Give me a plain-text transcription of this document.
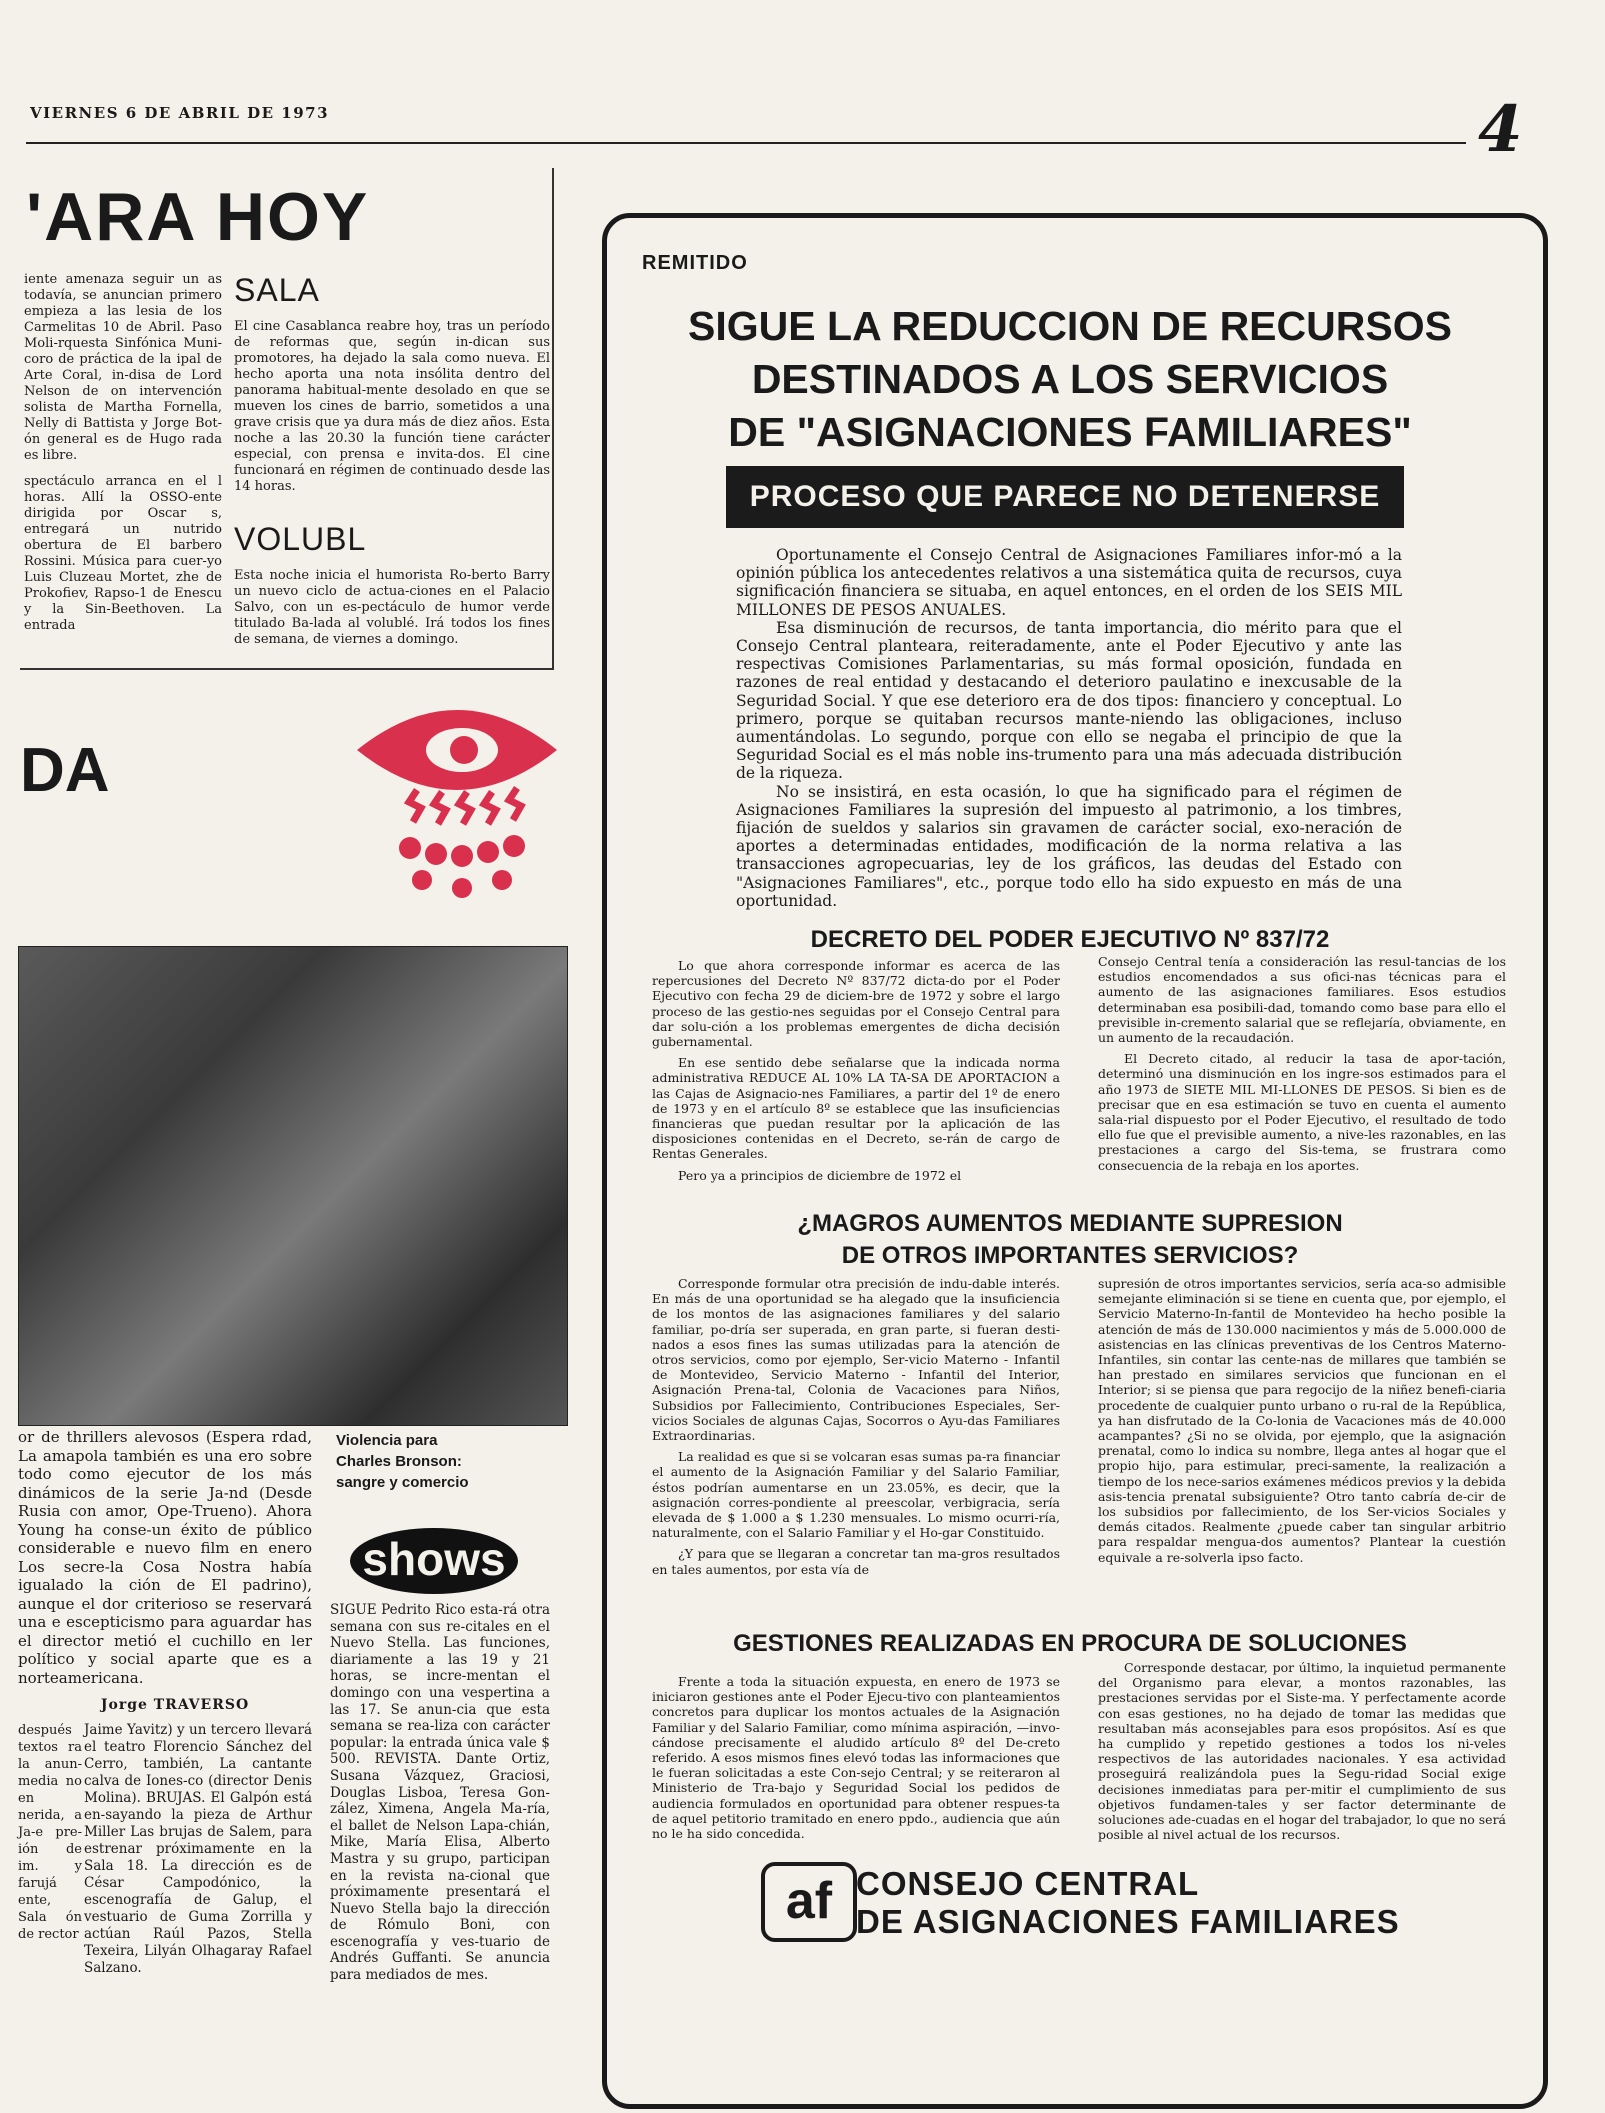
VIERNES 6 DE ABRIL DE 1973	4
'ARA HOY

iente amenaza seguir un as todavía, se anuncian primero empieza a las lesia de los Carmelitas 10 de Abril. Paso Moli-rquesta Sinfónica Muni-coro de práctica de la ipal de Arte Coral, in-disa de Lord Nelson de on intervención solista de Martha Fornella, Nelly di Battista y Jorge Bot-ón general es de Hugo rada es libre.

spectáculo arranca en el l horas. Allí la OSSO-ente dirigida por Oscar s, entregará un nutrido obertura de El barbero Rossini. Música para cuer-yo Luis Cluzeau Mortet, zhe de Prokofiev, Rapso-1 de Enescu y la Sin-Beethoven. La entrada

SALA

El cine Casablanca reabre hoy, tras un período de reformas que, según in-dican sus promotores, ha dejado la sala como nueva. El hecho aporta una nota insólita dentro del panorama habitual-mente desolado en que se mueven los cines de barrio, sometidos a una grave crisis que ya dura más de diez años. Esta noche a las 20.30 la función tiene carácter especial, con prensa e invita-dos. El cine funcionará en régimen de continuado desde las 14 horas.

VOLUBL

Esta noche inicia el humorista Ro-berto Barry un nuevo ciclo de actua-ciones en el Palacio Salvo, con un es-pectáculo de humor verde titulado Ba-lada al volublé. Irá todos los fines de semana, de viernes a domingo.

DA

or de thrillers alevosos (Espera rdad, La amapola también es una ero sobre todo como ejecutor de los más dinámicos de la serie Ja-nd (Desde Rusia con amor, Ope-Trueno). Ahora Young ha conse-un éxito de público considerable e nuevo film en enero Los secre-la Cosa Nostra había igualado la ción de El padrino), aunque el dor criterioso se reservará una e escepticismo para aguardar has el director metió el cuchillo en ler político y social aparte que es a norteamericana.

Violencia para Charles Bronson: sangre y comercio
shows

SIGUE Pedrito Rico esta-rá otra semana con sus re-citales en el Nuevo Stella. Las funciones, diariamente a las 19 y 21 horas, se incre-mentan el domingo con una vespertina a las 17. Se anun-cia que esta semana se rea-liza con carácter popular: la entrada única vale $ 500. REVISTA. Dante Ortiz, Susana Vázquez, Graciosi, Douglas Lisboa, Teresa Gon-zález, Ximena, Angela Ma-ría, el ballet de Nelson Lapa-chián, Mike, María Elisa, Alberto Mastra y su grupo, participan en la revista na-cional que próximamente presentará el Nuevo Stella bajo la dirección de Rómulo Boni, con escenografía y ves-tuario de Andrés Guffanti. Se anuncia para mediados de mes.

Jorge TRAVERSO

después textos ra la anun-media no en nerida, a Ja-e pre-ión de im. y farujá ente, Sala ón de rector

Jaime Yavitz) y un tercero llevará el teatro Florencio Sánchez del Cerro, también, La cantante calva de Iones-co (director Denis Molina). BRUJAS. El Galpón está en-sayando la pieza de Arthur Miller Las brujas de Salem, para estrenar próximamente en la Sala 18. La dirección es de César Campodónico, la escenografía de Galup, el vestuario de Guma Zorrilla y actúan Raúl Pazos, Stella Texeira, Lilyán Olhagaray Rafael Salzano.

REMITIDO
SIGUE LA REDUCCION DE RECURSOS
DESTINADOS A LOS SERVICIOS
DE "ASIGNACIONES FAMILIARES"
PROCESO QUE PARECE NO DETENERSE

Oportunamente el Consejo Central de Asignaciones Familiares infor-mó a la opinión pública los antecedentes relativos a una sistemática quita de recursos, cuya significación financiera se situaba, en aquel entonces, en el orden de los SEIS MIL MILLONES DE PESOS ANUALES.

Esa disminución de recursos, de tanta importancia, dio mérito para que el Consejo Central planteara, reiteradamente, ante el Poder Ejecutivo y ante las respectivas Comisiones Parlamentarias, su más formal oposición, fundada en razones de real entidad y destacando el deterioro paulatino e inexcusable de la Seguridad Social. Y que ese deterioro era de dos tipos: financiero y conceptual. Lo primero, porque se quitaban recursos mante-niendo las obligaciones, incluso aumentándolas. Lo segundo, porque con ello se negaba el principio de que la Seguridad Social es el más noble ins-trumento para una más adecuada distribución de la riqueza.

No se insistirá, en esta ocasión, lo que ha significado para el régimen de Asignaciones Familiares la supresión del impuesto al patrimonio, a los timbres, fijación de sueldos y salarios sin gravamen de carácter social, exo-neración de aportes a determinadas entidades, modificación de la norma relativa a las transacciones agropecuarias, ley de los gráficos, las deudas del Estado con "Asignaciones Familiares", etc., porque todo ello ha sido expuesto en más de una oportunidad.

DECRETO DEL PODER EJECUTIVO Nº 837/72

Lo que ahora corresponde informar es acerca de las repercusiones del Decreto Nº 837/72 dicta-do por el Poder Ejecutivo con fecha 29 de diciem-bre de 1972 y sobre el largo proceso de las gestio-nes seguidas por el Consejo Central para dar solu-ción a los problemas emergentes de dicha decisión gubernamental.

En ese sentido debe señalarse que la indicada norma administrativa REDUCE AL 10% LA TA-SA DE APORTACION a las Cajas de Asignacio-nes Familiares, a partir del 1º de enero de 1973 y en el artículo 8º se establece que las insuficiencias financieras que puedan resultar por la aplicación de las disposiciones contenidas en el Decreto, se-rán de cargo de Rentas Generales.

Pero ya a principios de diciembre de 1972 el

Consejo Central tenía a consideración las resul-tancias de los estudios encomendados a sus ofici-nas técnicas para el aumento de las asignaciones familiares. Esos estudios determinaban esa posibili-dad, tomando como base para ello el previsible in-cremento salarial que se reflejaría, obviamente, en un aumento de la recaudación.

El Decreto citado, al reducir la tasa de apor-tación, determinó una disminución en los ingre-sos estimados para el año 1973 de SIETE MIL MI-LLONES DE PESOS. Si bien es de precisar que en esa estimación se tuvo en cuenta el aumento sala-rial dispuesto por el Poder Ejecutivo, el resultado de todo ello fue que el previsible aumento, a nive-les razonables, en las prestaciones a cargo del Sis-tema, se frustrara como consecuencia de la rebaja en los aportes.

¿MAGROS AUMENTOS MEDIANTE SUPRESION
DE OTROS IMPORTANTES SERVICIOS?

Corresponde formular otra precisión de indu-dable interés. En más de una oportunidad se ha alegado que la insuficiencia de los montos de las asignaciones familiares y del salario familiar, po-dría ser superada, en gran parte, si fueran desti-nados a esos fines las sumas utilizadas para la atención de otros servicios, como por ejemplo, Ser-vicio Materno - Infantil de Montevideo, Servicio Materno - Infantil del Interior, Asignación Prena-tal, Colonia de Vacaciones para Niños, Subsidios por Fallecimiento, Contribuciones Especiales, Ser-vicios Sociales de algunas Cajas, Socorros o Ayu-das Familiares Extraordinarias.

La realidad es que si se volcaran esas sumas pa-ra financiar el aumento de la Asignación Familiar y del Salario Familiar, éstos podrían aumentarse en un 23.05%, es decir, que la asignación corres-pondiente al preescolar, verbigracia, sería elevada de $ 1.000 a $ 1.230 mensuales. Lo mismo ocurri-ría, naturalmente, con el Salario Familiar y el Ho-gar Constituido.

¿Y para que se llegaran a concretar tan ma-gros resultados en tales aumentos, por esta vía de

supresión de otros importantes servicios, sería aca-so admisible semejante eliminación si se tiene en cuenta que, por ejemplo, el Servicio Materno-In-fantil de Montevideo ha hecho posible la atención de más de 130.000 nacimientos y más de 5.000.000 de asistencias en las clínicas preventivas de los Centros Materno-Infantiles, sin contar las cente-nas de millares que también se han prestado en similares servicios que funcionan en el Interior; si se piensa que para regocijo de la niñez benefi-ciaria procedente de cualquier punto urbano o ru-ral de la República, ya han disfrutado de la Co-lonia de Vacaciones más de 40.000 acampantes? ¿Si no se olvida, por ejemplo, que la asignación prenatal, como lo indica su nombre, llega antes al hogar que el propio hijo, para estimular, preci-samente, la realización a tiempo de los nece-sarios exámenes médicos previos y la debida asis-tencia prenatal subsiguiente? Otro tanto cabría de-cir de los subsidios por fallecimiento, de los Ser-vicios Sociales y demás citados. Realmente ¿puede caber tan singular arbitrio para respaldar mengua-dos aumentos? Plantear la cuestión equivale a re-solverla ipso facto.

GESTIONES REALIZADAS EN PROCURA DE SOLUCIONES

Frente a toda la situación expuesta, en enero de 1973 se iniciaron gestiones ante el Poder Ejecu-tivo con planteamientos concretos para duplicar los montos actuales de la Asignación Familiar y del Salario Familiar, como mínima aspiración, —invo-cándose precisamente el aludido artículo 8º del De-creto referido. A esos mismos fines elevó todas las informaciones que le fueran solicitadas a este Con-sejo Central; y se reiteraron al Ministerio de Tra-bajo y Seguridad Social los pedidos de audiencia formulados en oportunidad para obtener respues-ta de aquel petitorio tramitado en enero ppdo., audiencia que aún no le ha sido concedida.

Corresponde destacar, por último, la inquietud permanente del Organismo para elevar, a montos razonables, las prestaciones servidas por el Siste-ma. Y perfectamente acorde con esas gestiones, no ha dejado de tomar las medidas que resultaban más aconsejables para esos propósitos. Así es que ha cumplido y repetido gestiones a todos los ni-veles respectivos de las autoridades nacionales. Y esa actividad proseguirá realizándola pues la Segu-ridad Social exige decisiones inmediatas para per-mitir el cumplimiento de sus objetivos fundamen-tales y ser factor determinante de soluciones ade-cuadas en el hogar del trabajador, lo que no será posible al nivel actual de los recursos.

af CONSEJO CENTRAL
DE ASIGNACIONES FAMILIARES
